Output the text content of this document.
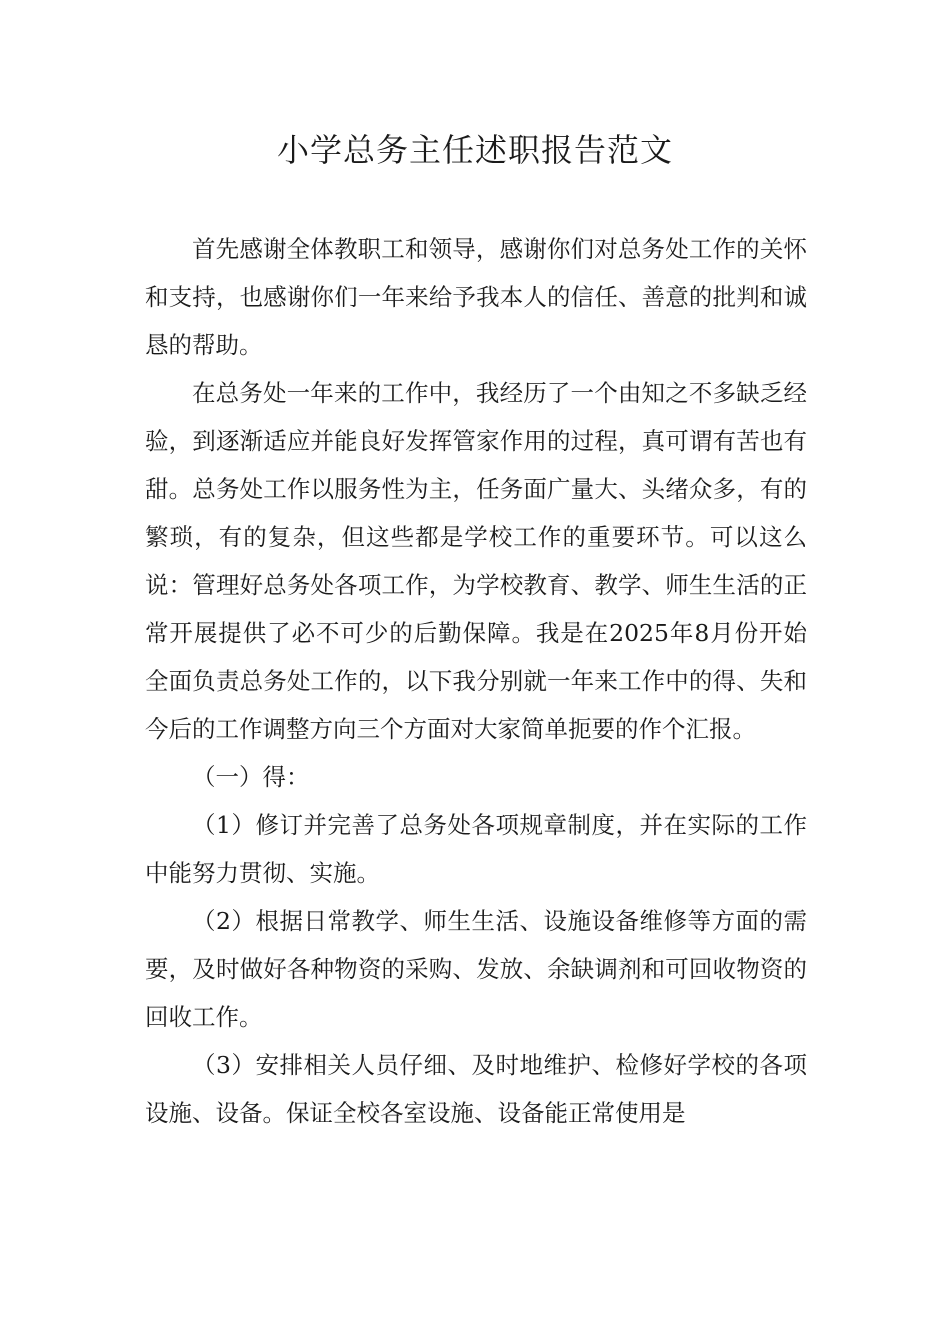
小学总务主任述职报告范文

首先感谢全体教职工和领导，感谢你们对总务处工作的关怀和支持，也感谢你们一年来给予我本人的信任、善意的批判和诚恳的帮助。

在总务处一年来的工作中，我经历了一个由知之不多缺乏经验，到逐渐适应并能良好发挥管家作用的过程，真可谓有苦也有甜。总务处工作以服务性为主，任务面广量大、头绪众多，有的繁琐，有的复杂，但这些都是学校工作的重要环节。可以这么说：管理好总务处各项工作，为学校教育、教学、师生生活的正常开展提供了必不可少的后勤保障。我是在2025年8月份开始全面负责总务处工作的，以下我分别就一年来工作中的得、失和今后的工作调整方向三个方面对大家简单扼要的作个汇报。

（一）得：

（1）修订并完善了总务处各项规章制度，并在实际的工作中能努力贯彻、实施。

（2）根据日常教学、师生生活、设施设备维修等方面的需要，及时做好各种物资的采购、发放、余缺调剂和可回收物资的回收工作。

（3）安排相关人员仔细、及时地维护、检修好学校的各项设施、设备。保证全校各室设施、设备能正常使用是
